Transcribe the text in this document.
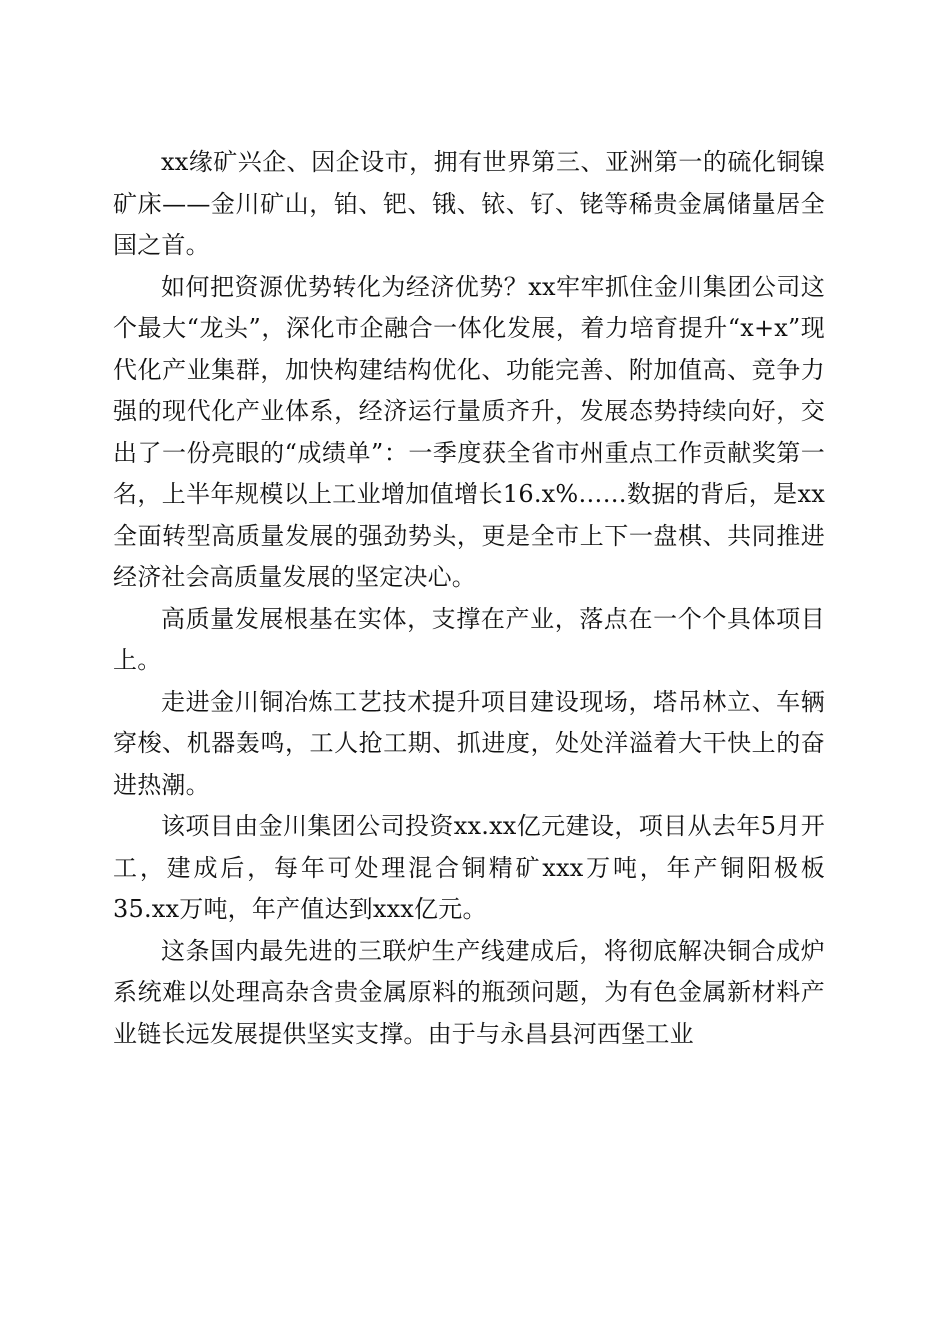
xx缘矿兴企、因企设市，拥有世界第三、亚洲第一的硫化铜镍矿床——金川矿山，铂、钯、锇、铱、钌、铑等稀贵金属储量居全国之首。

如何把资源优势转化为经济优势？xx牢牢抓住金川集团公司这个最大“龙头”，深化市企融合一体化发展，着力培育提升“x+x”现代化产业集群，加快构建结构优化、功能完善、附加值高、竞争力强的现代化产业体系，经济运行量质齐升，发展态势持续向好，交出了一份亮眼的“成绩单”：一季度获全省市州重点工作贡献奖第一名，上半年规模以上工业增加值增长16.x%……数据的背后，是xx全面转型高质量发展的强劲势头，更是全市上下一盘棋、共同推进经济社会高质量发展的坚定决心。

高质量发展根基在实体，支撑在产业，落点在一个个具体项目上。

走进金川铜冶炼工艺技术提升项目建设现场，塔吊林立、车辆穿梭、机器轰鸣，工人抢工期、抓进度，处处洋溢着大干快上的奋进热潮。

该项目由金川集团公司投资xx.xx亿元建设，项目从去年5月开工，建成后，每年可处理混合铜精矿xxx万吨，年产铜阳极板35.xx万吨，年产值达到xxx亿元。

这条国内最先进的三联炉生产线建成后，将彻底解决铜合成炉系统难以处理高杂含贵金属原料的瓶颈问题，为有色金属新材料产业链长远发展提供坚实支撑。由于与永昌县河西堡工业
